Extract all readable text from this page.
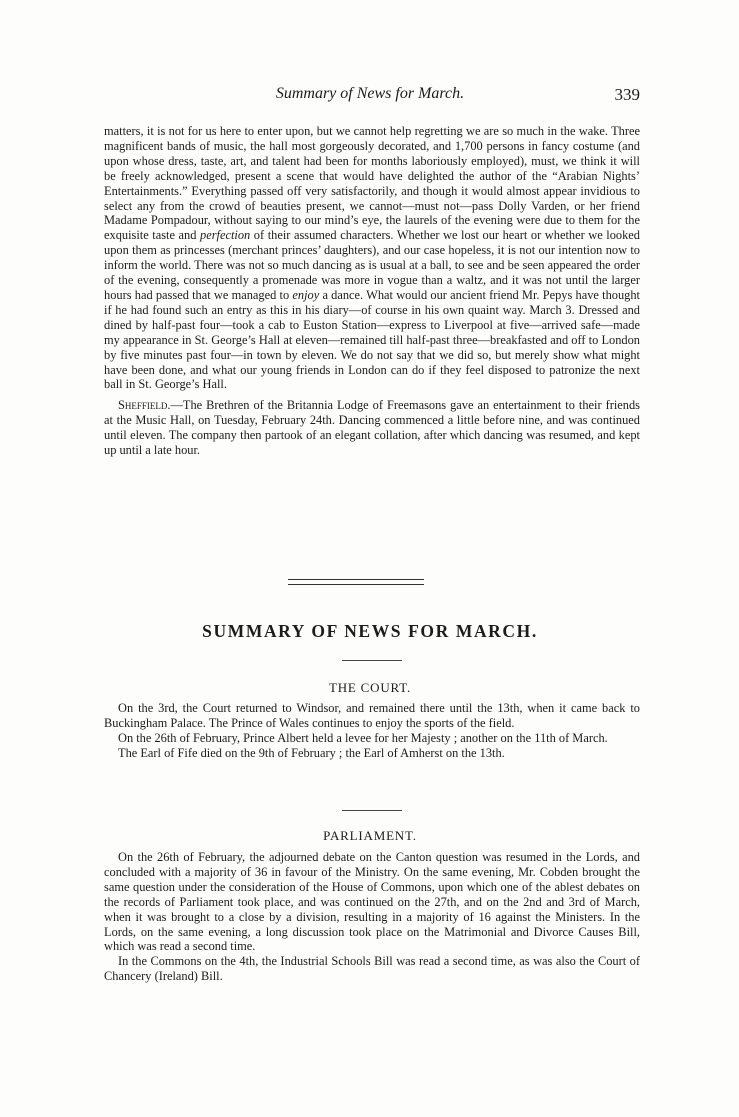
Summary of News for March.	339

matters, it is not for us here to enter upon, but we cannot help regretting we are so much in the wake. Three magnificent bands of music, the hall most gorgeously decorated, and 1,700 persons in fancy costume (and upon whose dress, taste, art, and talent had been for months laboriously employed), must, we think it will be freely acknowledged, present a scene that would have delighted the author of the “Arabian Nights’ Entertainments.” Everything passed off very satisfactorily, and though it would almost appear invidious to select any from the crowd of beauties present, we cannot—must not—pass Dolly Varden, or her friend Madame Pompadour, without saying to our mind’s eye, the laurels of the evening were due to them for the exquisite taste and perfection of their assumed characters. Whether we lost our heart or whether we looked upon them as princesses (merchant princes’ daughters), and our case hopeless, it is not our intention now to inform the world. There was not so much dancing as is usual at a ball, to see and be seen appeared the order of the evening, consequently a promenade was more in vogue than a waltz, and it was not until the larger hours had passed that we managed to enjoy a dance. What would our ancient friend Mr. Pepys have thought if he had found such an entry as this in his diary—of course in his own quaint way. March 3. Dressed and dined by half-past four—took a cab to Euston Station—express to Liverpool at five—arrived safe—made my appearance in St. George’s Hall at eleven—remained till half-past three—breakfasted and off to London by five minutes past four—in town by eleven. We do not say that we did so, but merely show what might have been done, and what our young friends in London can do if they feel disposed to patronize the next ball in St. George’s Hall.

Sheffield.—The Brethren of the Britannia Lodge of Freemasons gave an entertainment to their friends at the Music Hall, on Tuesday, February 24th. Dancing commenced a little before nine, and was continued until eleven. The company then partook of an elegant collation, after which dancing was resumed, and kept up until a late hour.

SUMMARY OF NEWS FOR MARCH.
THE COURT.

On the 3rd, the Court returned to Windsor, and remained there until the 13th, when it came back to Buckingham Palace. The Prince of Wales continues to enjoy the sports of the field.

On the 26th of February, Prince Albert held a levee for her Majesty ; another on the 11th of March.

The Earl of Fife died on the 9th of February ; the Earl of Amherst on the 13th.

PARLIAMENT.

On the 26th of February, the adjourned debate on the Canton question was resumed in the Lords, and concluded with a majority of 36 in favour of the Ministry. On the same evening, Mr. Cobden brought the same question under the consideration of the House of Commons, upon which one of the ablest debates on the records of Parliament took place, and was continued on the 27th, and on the 2nd and 3rd of March, when it was brought to a close by a division, resulting in a majority of 16 against the Ministers. In the Lords, on the same evening, a long discussion took place on the Matrimonial and Divorce Causes Bill, which was read a second time.

In the Commons on the 4th, the Industrial Schools Bill was read a second time, as was also the Court of Chancery (Ireland) Bill.
